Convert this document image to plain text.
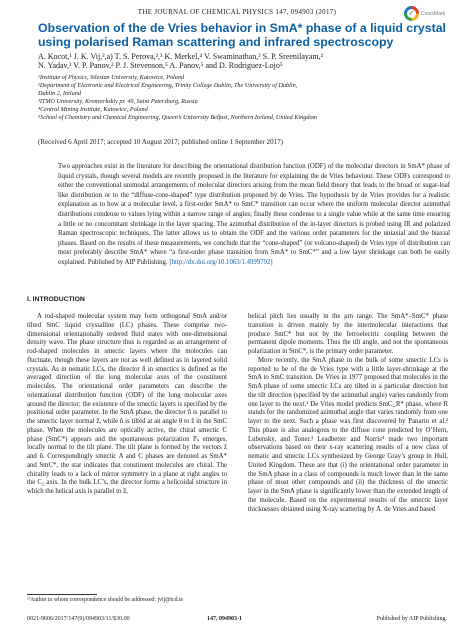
THE JOURNAL OF CHEMICAL PHYSICS 147, 094903 (2017)	✓	CrossMark
Observation of the de Vries behavior in SmA* phase of a liquid crystal
using polarised Raman scattering and infrared spectroscopy
A. Kocot,¹ J. K. Vij,²,a) T. S. Perova,²,³ K. Merkel,⁴ V. Swaminathan,² S. P. Sreenilayam,²
N. Yadav,² V. P. Panov,² P. J. Stevenson,⁵ A. Panov,⁵ and D. Rodriguez-Lojo⁵
¹Institute of Physics, Silesian University, Katowice, Poland
²Department of Electronic and Electrical Engineering, Trinity College Dublin, The University of Dublin,
Dublin 2, Ireland
³ITMO University, Kronverkskiy pr. 49, Saint Petersburg, Russia
⁴Central Mining Institute, Katowice, Poland
⁵School of Chemistry and Chemical Engineering, Queen’s University Belfast, Northern Ireland, United Kingdom
(Received 6 April 2017; accepted 10 August 2017; published online 1 September 2017)
Two approaches exist in the literature for describing the orientational distribution function (ODF) of the molecular directors in SmA* phase of liquid crystals, though several models are recently proposed in the literature for explaining the de Vries behaviour. These ODFs correspond to either the conventional unimodal arrangements of molecular directors arising from the mean field theory that leads to the broad or sugar-loaf like distribution or to the “diffuse-cone-shaped” type distribution proposed by de Vries. The hypothesis by de Vries provides for a realistic explanation as to how at a molecular level, a first-order SmA* to SmC* transition can occur where the uniform molecular director azimuthal distributions condense to values lying within a narrow range of angles; finally these condense to a single value while at the same time ensuring a little or no concomitant shrinkage in the layer spacing. The azimuthal distribution of the in-layer directors is probed using IR and polarized Raman spectroscopic techniques. The latter allows us to obtain the ODF and the various order parameters for the uniaxial and the biaxial phases. Based on the results of these measurements, we conclude that the “cone-shaped” (or volcano-shaped) de Vries type of distribution can most preferably describe SmA* where “a first-order phase transition from SmA* to SmC*” and a low layer shrinkage can both be easily explained. Published by AIP Publishing. [http://dx.doi.org/10.1063/1.4999792]
I. INTRODUCTION

A rod-shaped molecular system may form orthogonal SmA and/or tilted SmC liquid crystalline (LC) phases. These comprise two-dimensional orientationally ordered fluid states with one-dimensional density wave. The phase structure thus is regarded as an arrangement of rod-shaped molecules in smectic layers where the molecules can fluctuate, though these layers are not as well defined as in layered solid crystals. As in nematic LCs, the director n̂ in smectics is defined as the averaged direction of the long molecular axes of the constituent molecules. The orientational order parameters can describe the orientational distribution function (ODF) of the long molecular axes around the director; the existence of the smectic layers is specified by the positional order parameter. In the SmA phase, the director n̂ is parallel to the smectic layer normal ẑ, while n̂ is tilted at an angle θ to ẑ in the SmC phase. When the molecules are optically active, the chiral smectic C phase (SmC*) appears and the spontaneous polarization Pₛ emerges, locally normal to the tilt plane. The tilt plane is formed by the vectors ẑ and n̂. Correspondingly smectic A and C phases are denoted as SmA* and SmC*, the star indicates that constituent molecules are chiral. The chirality leads to a lack of mirror symmetry in a plane at right angles to the C₂ axis. In the bulk LC’s, the director forms a helicoidal structure in which the helical axis is parallel to ẑ,

helical pitch lies usually in the μm range. The SmA*–SmC* phase transition is driven mainly by the intermolecular interactions that produce SmC* but not by the ferroelectric coupling between the permanent dipole moments. Thus the tilt angle, and not the spontaneous polarization in SmC*, is the primary order parameter.

More recently, the SmA phase in the bulk of some smectic LCs is reported to be of the de Vries type with a little layer-shrinkage at the SmA to SmC transition. De Vries in 1977 proposed that molecules in the SmA phase of some smectic LCs are tilted in a particular direction but the tilt direction (specified by the azimuthal angle) varies randomly from one layer to the next.¹ De Vries model predicts SmC_R* phase, where R stands for the randomized azimuthal angle that varies randomly from one layer to the next. Such a phase was first discovered by Panarin et al.² This phase is also analogous to the diffuse cone predicted by O’Hern, Lubensky, and Toner.³ Leadbetter and Norris⁴ made two important observations based on their x-ray scattering results of a new class of nematic and smectic LCs synthesized by George Gray’s group in Hull, United Kingdom. These are that (i) the orientational order parameter in the SmA phase in a class of compounds is much lower than in the same phase of most other compounds and (ii) the thickness of the smectic layer in the SmA phase is significantly lower than the extended length of the molecule. Based on the experimental results of the smectic layer thicknesses obtained using X-ray scattering by A. de Vries and based

ᵃ⁾Author to whom correspondence should be addressed: jvij@tcd.ie
0021-9606/2017/147(9)/094903/11/$30.00	147, 094903-1	Published by AIP Publishing.
